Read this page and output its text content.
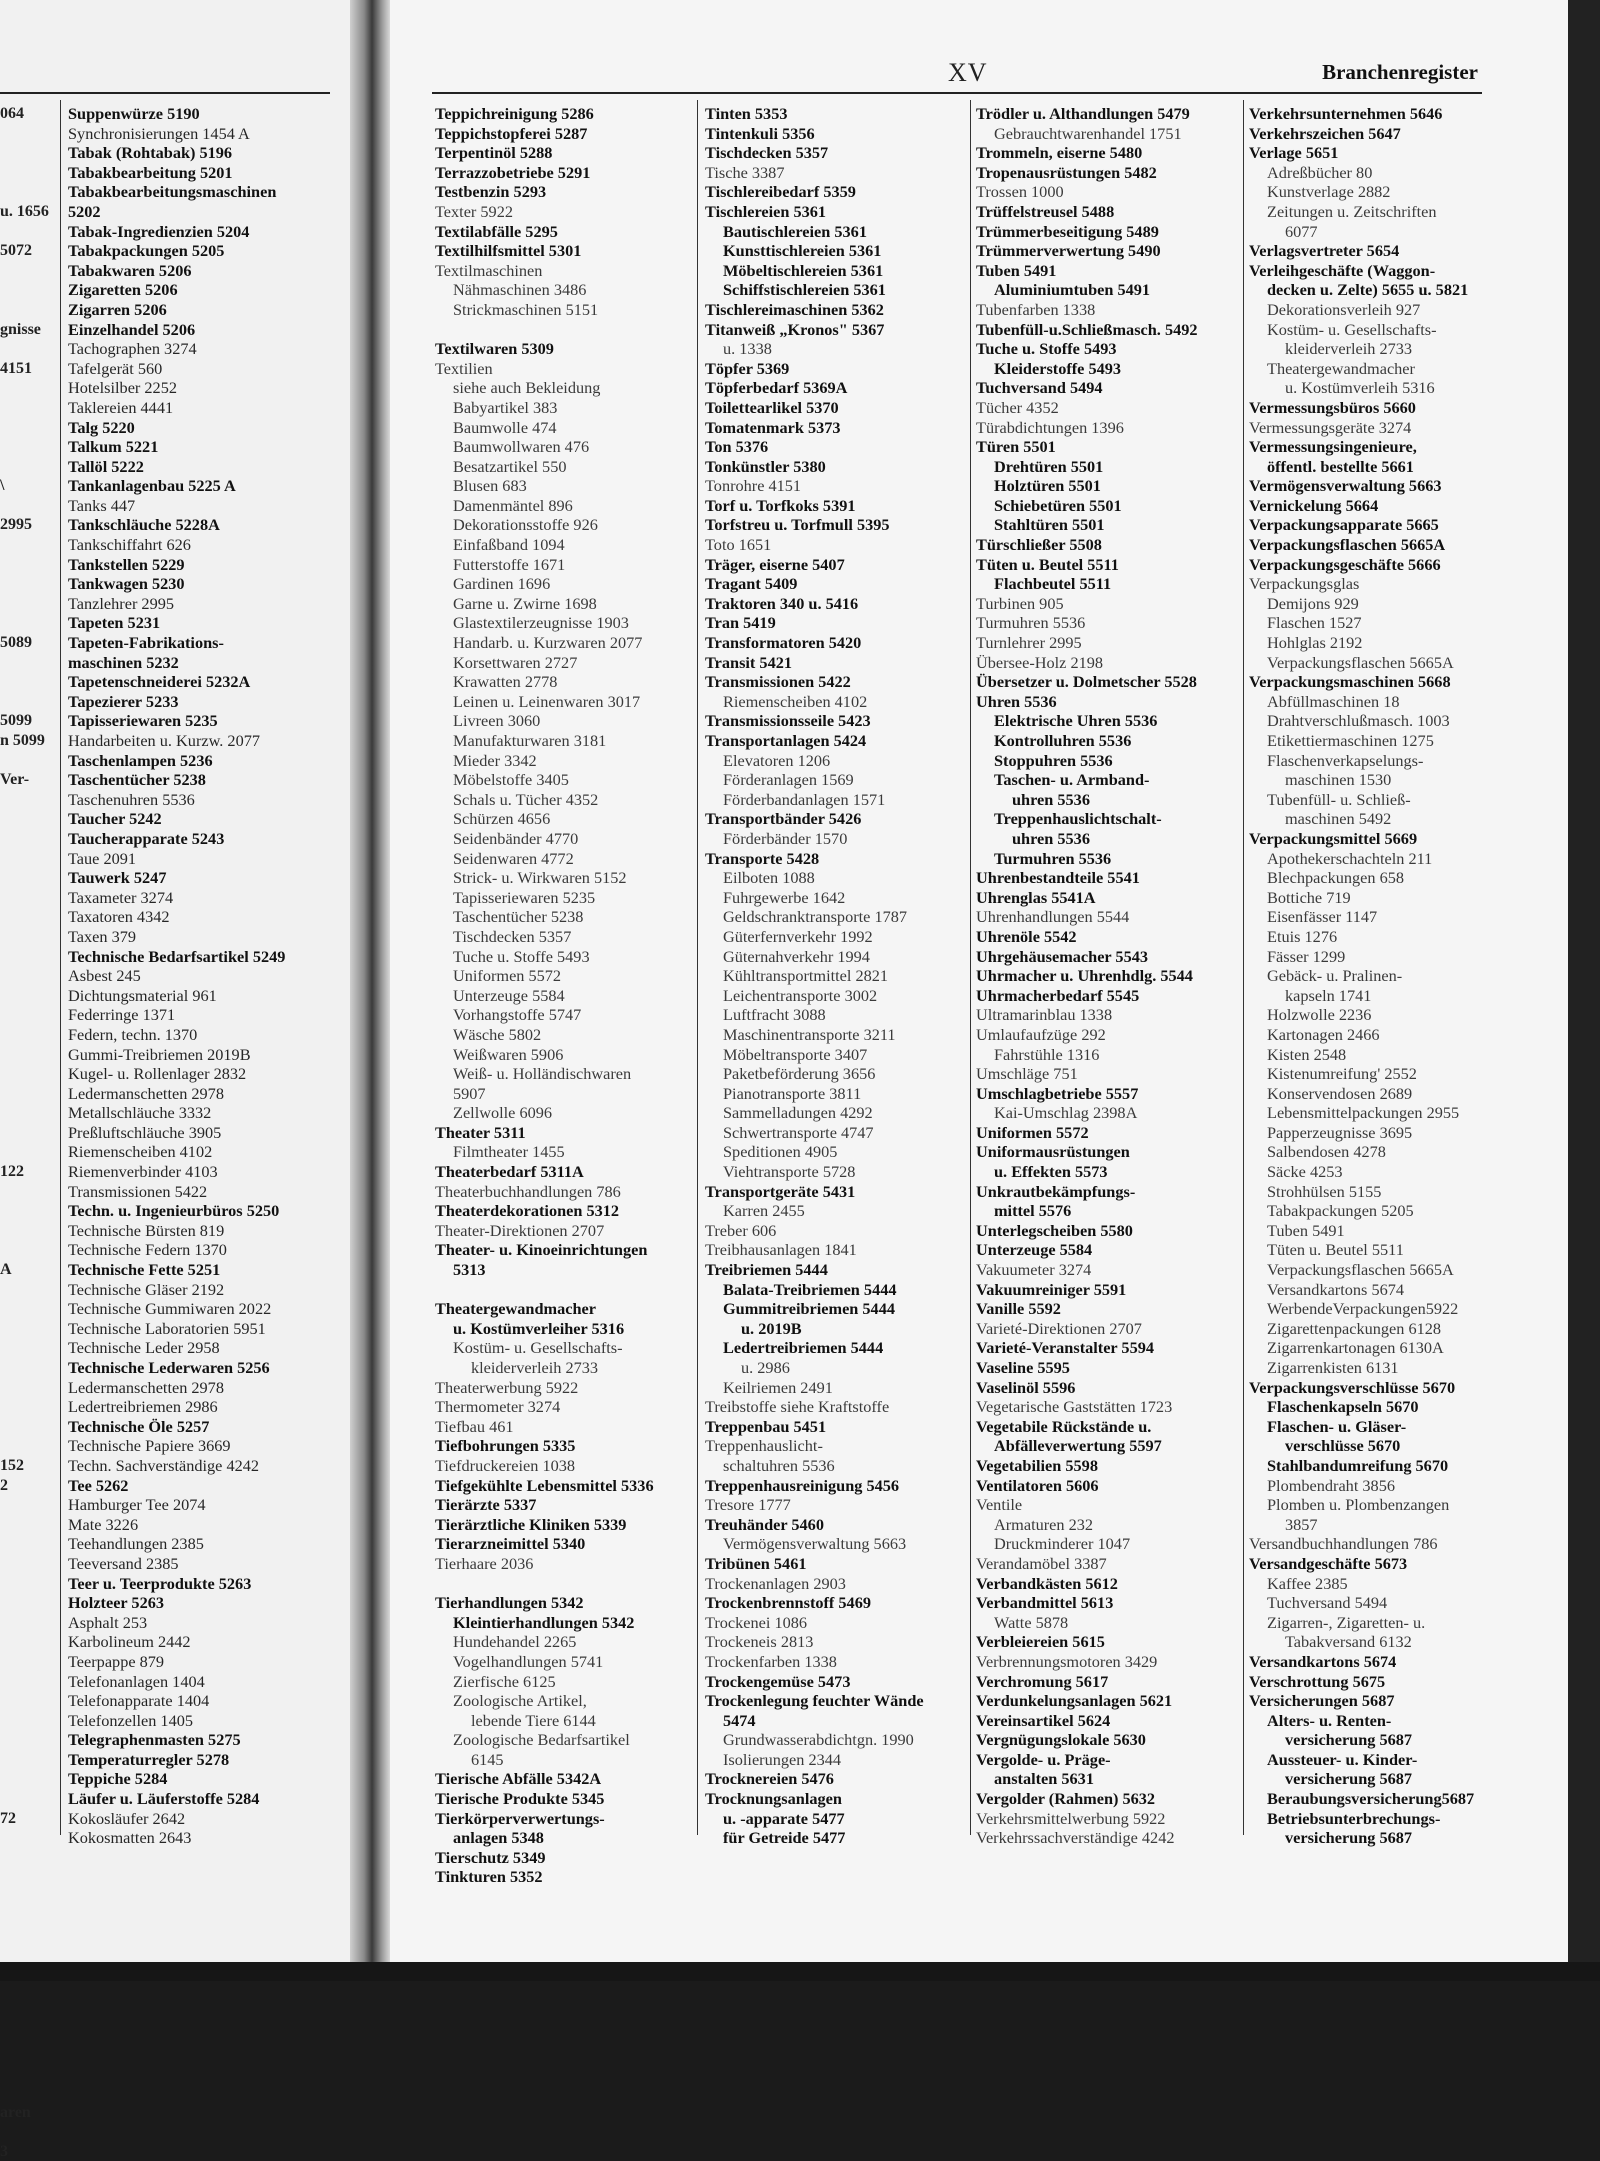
064

u. 1656

5072

gnisse

4151

\

2995

5089

5099
n 5099

Ver-

122

A

152
2

72

aren

3
Suppenwürze 5190
Synchronisierungen 1454 A
Tabak (Rohtabak) 5196
Tabakbearbeitung 5201
Tabakbearbeitungsmaschinen
5202
Tabak-Ingredienzien 5204
Tabakpackungen 5205
Tabakwaren 5206
Zigaretten 5206
Zigarren 5206
Einzelhandel 5206
Tachographen 3274
Tafelgerät 560
Hotelsilber 2252
Taklereien 4441
Talg 5220
Talkum 5221
Tallöl 5222
Tankanlagenbau 5225 A
Tanks 447
Tankschläuche 5228A
Tankschiffahrt 626
Tankstellen 5229
Tankwagen 5230
Tanzlehrer 2995
Tapeten 5231
Tapeten-Fabrikations-
maschinen 5232
Tapetenschneiderei 5232A
Tapezierer 5233
Tapisseriewaren 5235
Handarbeiten u. Kurzw. 2077
Taschenlampen 5236
Taschentücher 5238
Taschenuhren 5536
Taucher 5242
Taucherapparate 5243
Taue 2091
Tauwerk 5247
Taxameter 3274
Taxatoren 4342
Taxen 379
Technische Bedarfsartikel 5249
Asbest 245
Dichtungsmaterial 961
Federringe 1371
Federn, techn. 1370
Gummi-Treibriemen 2019B
Kugel- u. Rollenlager 2832
Ledermanschetten 2978
Metallschläuche 3332
Preßluftschläuche 3905
Riemenscheiben 4102
Riemenverbinder 4103
Transmissionen 5422
Techn. u. Ingenieurbüros 5250
Technische Bürsten 819
Technische Federn 1370
Technische Fette 5251
Technische Gläser 2192
Technische Gummiwaren 2022
Technische Laboratorien 5951
Technische Leder 2958
Technische Lederwaren 5256
Ledermanschetten 2978
Ledertreibriemen 2986
Technische Öle 5257
Technische Papiere 3669
Techn. Sachverständige 4242
Tee 5262
Hamburger Tee 2074
Mate 3226
Teehandlungen 2385
Teeversand 2385
Teer u. Teerprodukte 5263
Holzteer 5263
Asphalt 253
Karbolineum 2442
Teerpappe 879
Telefonanlagen 1404
Telefonapparate 1404
Telefonzellen 1405
Telegraphenmasten 5275
Temperaturregler 5278
Teppiche 5284
Läufer u. Läuferstoffe 5284
Kokosläufer 2642
Kokosmatten 2643
XV	Branchenregister
Teppichreinigung 5286
Teppichstopferei 5287
Terpentinöl 5288
Terrazzobetriebe 5291
Testbenzin 5293
Texter 5922
Textilabfälle 5295
Textilhilfsmittel 5301
Textilmaschinen
Nähmaschinen 3486
Strickmaschinen 5151

Textilwaren 5309
Textilien
siehe auch Bekleidung
Babyartikel 383
Baumwolle 474
Baumwollwaren 476
Besatzartikel 550
Blusen 683
Damenmäntel 896
Dekorationsstoffe 926
Einfaßband 1094
Futterstoffe 1671
Gardinen 1696
Garne u. Zwirne 1698
Glastextilerzeugnisse 1903
Handarb. u. Kurzwaren 2077
Korsettwaren 2727
Krawatten 2778
Leinen u. Leinenwaren 3017
Livreen 3060
Manufakturwaren 3181
Mieder 3342
Möbelstoffe 3405
Schals u. Tücher 4352
Schürzen 4656
Seidenbänder 4770
Seidenwaren 4772
Strick- u. Wirkwaren 5152
Tapisseriewaren 5235
Taschentücher 5238
Tischdecken 5357
Tuche u. Stoffe 5493
Uniformen 5572
Unterzeuge 5584
Vorhangstoffe 5747
Wäsche 5802
Weißwaren 5906
Weiß- u. Holländischwaren
5907
Zellwolle 6096
Theater 5311
Filmtheater 1455
Theaterbedarf 5311A
Theaterbuchhandlungen 786
Theaterdekorationen 5312
Theater-Direktionen 2707
Theater- u. Kinoeinrichtungen
5313

Theatergewandmacher
u. Kostümverleiher 5316
Kostüm- u. Gesellschafts-
kleiderverleih 2733
Theaterwerbung 5922
Thermometer 3274
Tiefbau 461
Tiefbohrungen 5335
Tiefdruckereien 1038
Tiefgekühlte Lebensmittel 5336
Tierärzte 5337
Tierärztliche Kliniken 5339
Tierarzneimittel 5340
Tierhaare 2036

Tierhandlungen 5342
Kleintierhandlungen 5342
Hundehandel 2265
Vogelhandlungen 5741
Zierfische 6125
Zoologische Artikel,
lebende Tiere 6144
Zoologische Bedarfsartikel
6145
Tierische Abfälle 5342A
Tierische Produkte 5345
Tierkörperverwertungs-
anlagen 5348
Tierschutz 5349
Tinkturen 5352
Tinten 5353
Tintenkuli 5356
Tischdecken 5357
Tische 3387
Tischlereibedarf 5359
Tischlereien 5361
Bautischlereien 5361
Kunsttischlereien 5361
Möbeltischlereien 5361
Schiffstischlereien 5361
Tischlereimaschinen 5362
Titanweiß „Kronos" 5367
u. 1338
Töpfer 5369
Töpferbedarf 5369A
Toilettearlikel 5370
Tomatenmark 5373
Ton 5376
Tonkünstler 5380
Tonrohre 4151
Torf u. Torfkoks 5391
Torfstreu u. Torfmull 5395
Toto 1651
Träger, eiserne 5407
Tragant 5409
Traktoren 340 u. 5416
Tran 5419
Transformatoren 5420
Transit 5421
Transmissionen 5422
Riemenscheiben 4102
Transmissionsseile 5423
Transportanlagen 5424
Elevatoren 1206
Förderanlagen 1569
Förderbandanlagen 1571
Transportbänder 5426
Förderbänder 1570
Transporte 5428
Eilboten 1088
Fuhrgewerbe 1642
Geldschranktransporte 1787
Güterfernverkehr 1992
Güternahverkehr 1994
Kühltransportmittel 2821
Leichentransporte 3002
Luftfracht 3088
Maschinentransporte 3211
Möbeltransporte 3407
Paketbeförderung 3656
Pianotransporte 3811
Sammelladungen 4292
Schwertransporte 4747
Speditionen 4905
Viehtransporte 5728
Transportgeräte 5431
Karren 2455
Treber 606
Treibhausanlagen 1841
Treibriemen 5444
Balata-Treibriemen 5444
Gummitreibriemen 5444
u. 2019B
Ledertreibriemen 5444
u. 2986
Keilriemen 2491
Treibstoffe siehe Kraftstoffe
Treppenbau 5451
Treppenhauslicht-
schaltuhren 5536
Treppenhausreinigung 5456
Tresore 1777
Treuhänder 5460
Vermögensverwaltung 5663
Tribünen 5461
Trockenanlagen 2903
Trockenbrennstoff 5469
Trockenei 1086
Trockeneis 2813
Trockenfarben 1338
Trockengemüse 5473
Trockenlegung feuchter Wände
5474
Grundwasserabdichtgn. 1990
Isolierungen 2344
Trocknereien 5476
Trocknungsanlagen
u. -apparate 5477
für Getreide 5477
Trödler u. Althandlungen 5479
Gebrauchtwarenhandel 1751
Trommeln, eiserne 5480
Tropenausrüstungen 5482
Trossen 1000
Trüffelstreusel 5488
Trümmerbeseitigung 5489
Trümmerverwertung 5490
Tuben 5491
Aluminiumtuben 5491
Tubenfarben 1338
Tubenfüll-u.Schließmasch. 5492
Tuche u. Stoffe 5493
Kleiderstoffe 5493
Tuchversand 5494
Tücher 4352
Türabdichtungen 1396
Türen 5501
Drehtüren 5501
Holztüren 5501
Schiebetüren 5501
Stahltüren 5501
Türschließer 5508
Tüten u. Beutel 5511
Flachbeutel 5511
Turbinen 905
Turmuhren 5536
Turnlehrer 2995
Übersee-Holz 2198
Übersetzer u. Dolmetscher 5528
Uhren 5536
Elektrische Uhren 5536
Kontrolluhren 5536
Stoppuhren 5536
Taschen- u. Armband-
uhren 5536
Treppenhauslichtschalt-
uhren 5536
Turmuhren 5536
Uhrenbestandteile 5541
Uhrenglas 5541A
Uhrenhandlungen 5544
Uhrenöle 5542
Uhrgehäusemacher 5543
Uhrmacher u. Uhrenhdlg. 5544
Uhrmacherbedarf 5545
Ultramarinblau 1338
Umlaufaufzüge 292
Fahrstühle 1316
Umschläge 751
Umschlagbetriebe 5557
Kai-Umschlag 2398A
Uniformen 5572
Uniformausrüstungen
u. Effekten 5573
Unkrautbekämpfungs-
mittel 5576
Unterlegscheiben 5580
Unterzeuge 5584
Vakuumeter 3274
Vakuumreiniger 5591
Vanille 5592
Varieté-Direktionen 2707
Varieté-Veranstalter 5594
Vaseline 5595
Vaselinöl 5596
Vegetarische Gaststätten 1723
Vegetabile Rückstände u.
Abfälleverwertung 5597
Vegetabilien 5598
Ventilatoren 5606
Ventile
Armaturen 232
Druckminderer 1047
Verandamöbel 3387
Verbandkästen 5612
Verbandmittel 5613
Watte 5878
Verbleiereien 5615
Verbrennungsmotoren 3429
Verchromung 5617
Verdunkelungsanlagen 5621
Vereinsartikel 5624
Vergnügungslokale 5630
Vergolde- u. Präge-
anstalten 5631
Vergolder (Rahmen) 5632
Verkehrsmittelwerbung 5922
Verkehrssachverständige 4242
Verkehrsunternehmen 5646
Verkehrszeichen 5647
Verlage 5651
Adreßbücher 80
Kunstverlage 2882
Zeitungen u. Zeitschriften
6077
Verlagsvertreter 5654
Verleihgeschäfte (Waggon-
decken u. Zelte) 5655 u. 5821
Dekorationsverleih 927
Kostüm- u. Gesellschafts-
kleiderverleih 2733
Theatergewandmacher
u. Kostümverleih 5316
Vermessungsbüros 5660
Vermessungsgeräte 3274
Vermessungsingenieure,
öffentl. bestellte 5661
Vermögensverwaltung 5663
Vernickelung 5664
Verpackungsapparate 5665
Verpackungsflaschen 5665A
Verpackungsgeschäfte 5666
Verpackungsglas
Demijons 929
Flaschen 1527
Hohlglas 2192
Verpackungsflaschen 5665A
Verpackungsmaschinen 5668
Abfüllmaschinen 18
Drahtverschlußmasch. 1003
Etikettiermaschinen 1275
Flaschenverkapselungs-
maschinen 1530
Tubenfüll- u. Schließ-
maschinen 5492
Verpackungsmittel 5669
Apothekerschachteln 211
Blechpackungen 658
Bottiche 719
Eisenfässer 1147
Etuis 1276
Fässer 1299
Gebäck- u. Pralinen-
kapseln 1741
Holzwolle 2236
Kartonagen 2466
Kisten 2548
Kistenumreifung' 2552
Konservendosen 2689
Lebensmittelpackungen 2955
Papperzeugnisse 3695
Salbendosen 4278
Säcke 4253
Strohhülsen 5155
Tabakpackungen 5205
Tuben 5491
Tüten u. Beutel 5511
Verpackungsflaschen 5665A
Versandkartons 5674
WerbendeVerpackungen5922
Zigarettenpackungen 6128
Zigarrenkartonagen 6130A
Zigarrenkisten 6131
Verpackungsverschlüsse 5670
Flaschenkapseln 5670
Flaschen- u. Gläser-
verschlüsse 5670
Stahlbandumreifung 5670
Plombendraht 3856
Plomben u. Plombenzangen
3857
Versandbuchhandlungen 786
Versandgeschäfte 5673
Kaffee 2385
Tuchversand 5494
Zigarren-, Zigaretten- u.
Tabakversand 6132
Versandkartons 5674
Verschrottung 5675
Versicherungen 5687
Alters- u. Renten-
versicherung 5687
Aussteuer- u. Kinder-
versicherung 5687
Beraubungsversicherung5687
Betriebsunterbrechungs-
versicherung 5687
